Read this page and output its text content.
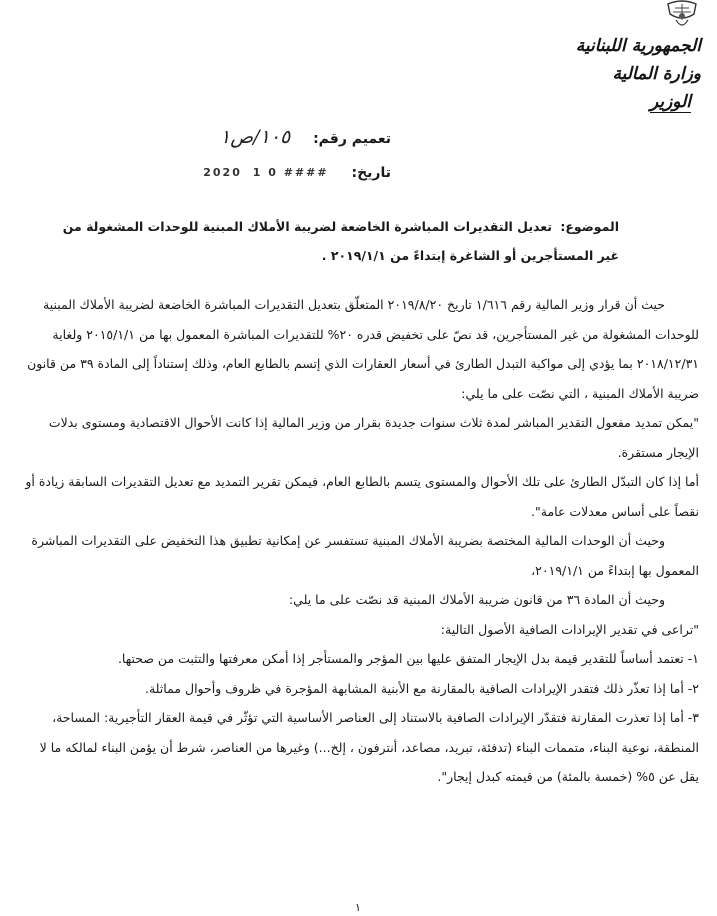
الجمهورية اللبنانية
وزارة المالية
الوزير
تعميم رقم: ١٠٥/ص١
تاريخ: 1 0 #### 2020
الموضوع: تعديل التقديرات المباشرة الخاضعة لضريبة الأملاك المبنية للوحدات المشغولة من
غير المستأجرين أو الشاغرة إبتداءً من ٢٠١٩/١/١ .

حيث أن قرار وزير المالية رقم ١/٦١٦ تاريخ ٢٠١٩/٨/٢٠ المتعلّق بتعديل التقديرات المباشرة الخاضعة لضريبة الأملاك المبنية للوحدات المشغولة من غير المستأجرين، قد نصّ على تخفيض قدره ٢٠% للتقديرات المباشرة المعمول بها من ٢٠١٥/١/١ ولغاية ٢٠١٨/١٢/٣١ بما يؤدي إلى مواكبة التبدل الطارئ في أسعار العقارات الذي إتسم بالطابع العام، وذلك إستناداً إلى المادة ٣٩ من قانون ضريبة الأملاك المبنية ، التي نصّت على ما يلي:

"يمكن تمديد مفعول التقدير المباشر لمدة ثلاث سنوات جديدة بقرار من وزير المالية إذا كانت الأحوال الاقتصادية ومستوى بدلات الإيجار مستقرة.

أما إذا كان التبدّل الطارئ على تلك الأحوال والمستوى يتسم بالطابع العام، فيمكن تقرير التمديد مع تعديل التقديرات السابقة زيادة أو نقصاً على أساس معدلات عامة".

وحيث أن الوحدات المالية المختصة بضريبة الأملاك المبنية تستفسر عن إمكانية تطبيق هذا التخفيض على التقديرات المباشرة المعمول بها إبتداءً من ٢٠١٩/١/١،

وحيث أن المادة ٣٦ من قانون ضريبة الأملاك المبنية قد نصّت على ما يلي:

"تراعى في تقدير الإيرادات الصافية الأصول التالية:

١- تعتمد أساساً للتقدير قيمة بدل الإيجار المتفق عليها بين المؤجر والمستأجر إذا أمكن معرفتها والتثبت من صحتها.

٢- أما إذا تعذّر ذلك فتقدر الإيرادات الصافية بالمقارنة مع الأبنية المشابهة المؤجرة في ظروف وأحوال مماثلة.

٣- أما إذا تعذرت المقارنة فتقدّر الإيرادات الصافية بالاستناد إلى العناصر الأساسية التي تؤثّر في قيمة العقار التأجيرية: المساحة، المنطقة، نوعية البناء، متممات البناء (تدفئة، تبريد، مصاعد، أنترفون ، إلخ...) وغيرها من العناصر، شرط أن يؤمن البناء لمالكه ما لا يقل عن ٥% (خمسة بالمئة) من قيمته كبدل إيجار".

١
